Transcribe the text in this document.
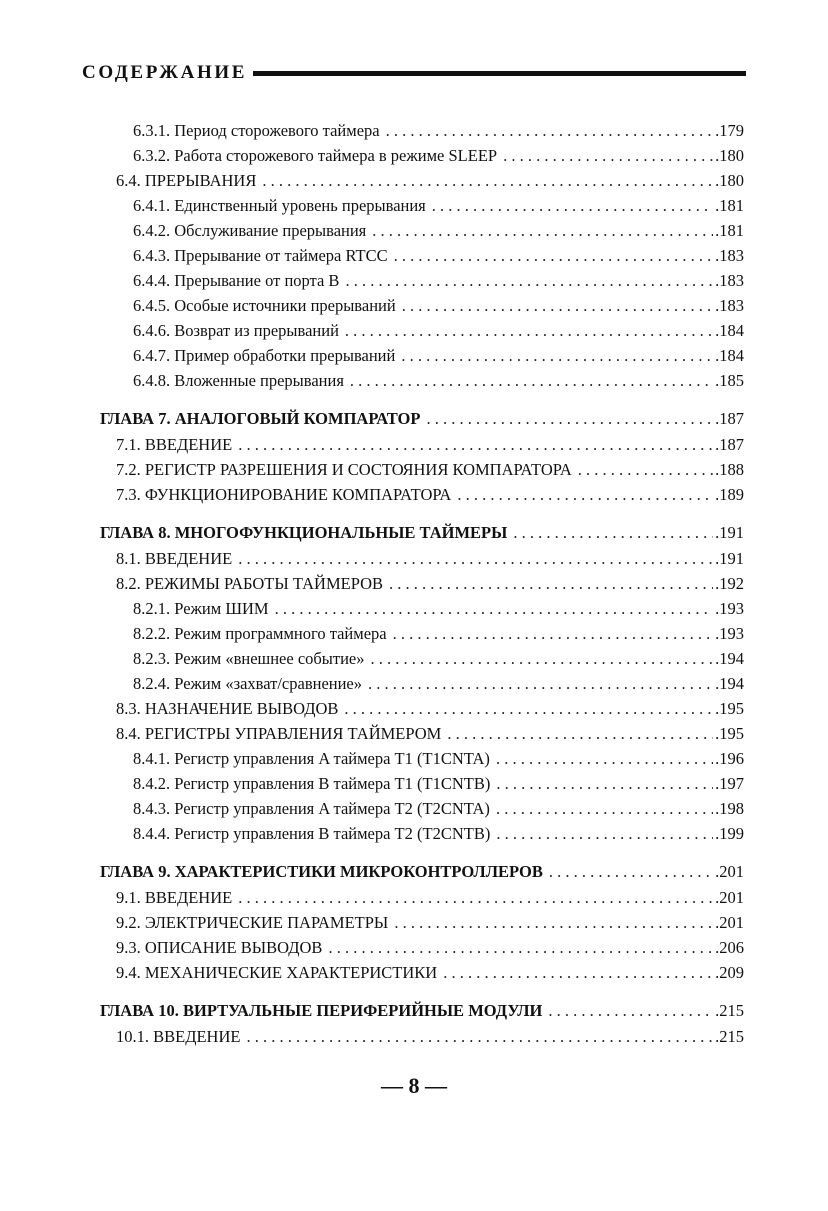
СОДЕРЖАНИЕ
6.3.1. Период сторожевого таймера . . .	.179
6.3.2. Работа сторожевого таймера в режиме SLEEP . . .	.180
6.4. ПРЕРЫВАНИЯ . . .	.180
6.4.1. Единственный уровень прерывания . . .	.181
6.4.2. Обслуживание прерывания . . .	.181
6.4.3. Прерывание от таймера RTCC . . .	.183
6.4.4. Прерывание от порта B . . .	.183
6.4.5. Особые источники прерываний . . .	.183
6.4.6. Возврат из прерываний . . .	.184
6.4.7. Пример обработки прерываний . . .	.184
6.4.8. Вложенные прерывания . . .	.185
ГЛАВА 7. АНАЛОГОВЫЙ КОМПАРАТОР . . .	.187
7.1. ВВЕДЕНИЕ . . .	.187
7.2. РЕГИСТР РАЗРЕШЕНИЯ И СОСТОЯНИЯ КОМПАРАТОРА . . .	.188
7.3. ФУНКЦИОНИРОВАНИЕ КОМПАРАТОРА . . .	.189
ГЛАВА 8. МНОГОФУНКЦИОНАЛЬНЫЕ ТАЙМЕРЫ . . .	.191
8.1. ВВЕДЕНИЕ . . .	.191
8.2. РЕЖИМЫ РАБОТЫ ТАЙМЕРОВ . . .	.192
8.2.1. Режим ШИМ . . .	.193
8.2.2. Режим программного таймера . . .	.193
8.2.3. Режим «внешнее событие» . . .	.194
8.2.4. Режим «захват/сравнение» . . .	.194
8.3. НАЗНАЧЕНИЕ ВЫВОДОВ . . .	.195
8.4. РЕГИСТРЫ УПРАВЛЕНИЯ ТАЙМЕРОМ . . .	.195
8.4.1. Регистр управления A таймера T1 (T1CNTA) . . .	.196
8.4.2. Регистр управления B таймера T1 (T1CNTB) . . .	.197
8.4.3. Регистр управления A таймера T2 (T2CNTA) . . .	.198
8.4.4. Регистр управления B таймера T2 (T2CNTB) . . .	.199
ГЛАВА 9. ХАРАКТЕРИСТИКИ МИКРОКОНТРОЛЛЕРОВ . . .	.201
9.1. ВВЕДЕНИЕ . . .	.201
9.2. ЭЛЕКТРИЧЕСКИЕ ПАРАМЕТРЫ . . .	.201
9.3. ОПИСАНИЕ ВЫВОДОВ . . .	.206
9.4. МЕХАНИЧЕСКИЕ ХАРАКТЕРИСТИКИ . . .	.209
ГЛАВА 10. ВИРТУАЛЬНЫЕ ПЕРИФЕРИЙНЫЕ МОДУЛИ . . .	.215
10.1. ВВЕДЕНИЕ . . .	.215
— 8 —
